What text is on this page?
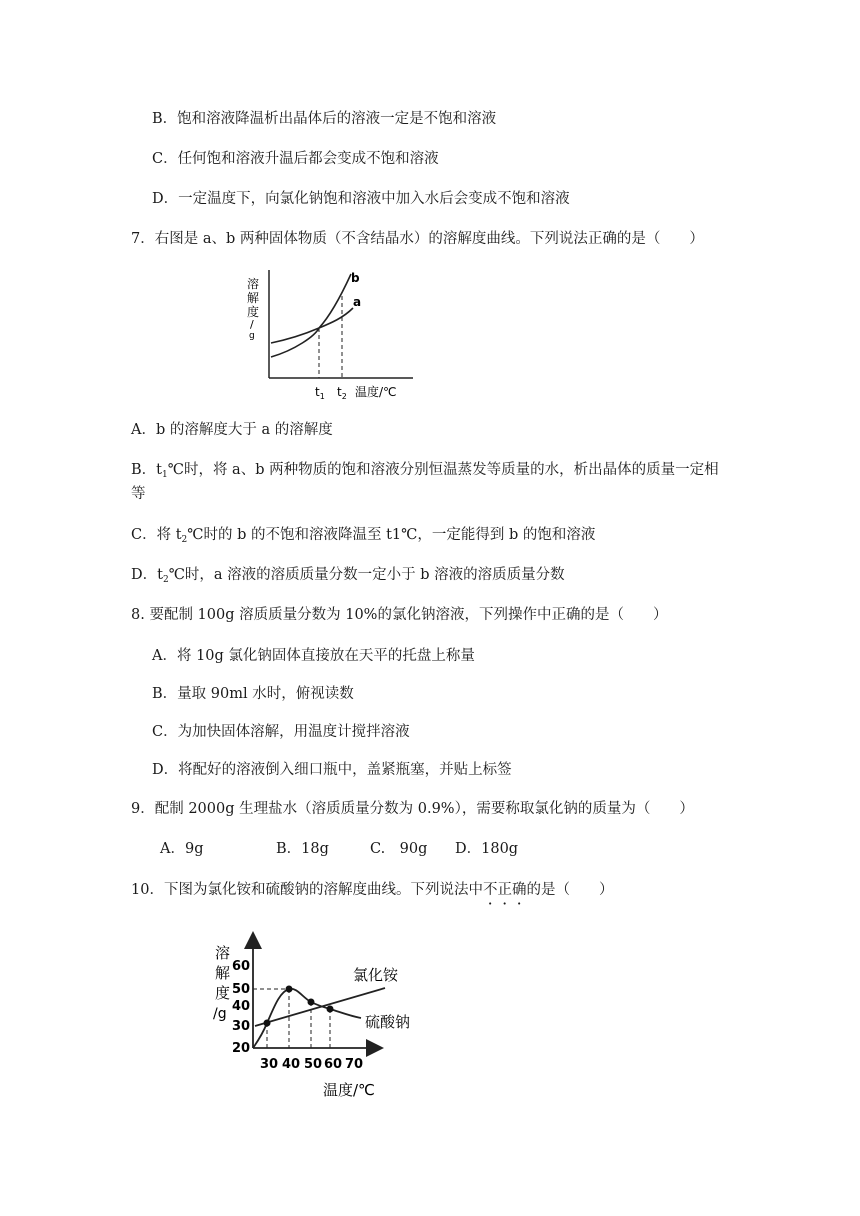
B．饱和溶液降温析出晶体后的溶液一定是不饱和溶液
C．任何饱和溶液升温后都会变成不饱和溶液
D．一定温度下，向氯化钠饱和溶液中加入水后会变成不饱和溶液
7．右图是 a、b 两种固体物质（不含结晶水）的溶解度曲线。下列说法正确的是（　　）
b
a
溶
解
度
/
g
$t_1$ $t_2$ 温度/℃
A．b 的溶解度大于 a 的溶解度
B．$t_1℃$时，将 a、b 两种物质的饱和溶液分别恒温蒸发等质量的水，析出晶体的质量一定相
等
C．将 $t_2℃$时的 b 的不饱和溶液降温至 t1℃，一定能得到 b 的饱和溶液
D．$t_2℃$时，a 溶液的溶质质量分数一定小于 b 溶液的溶质质量分数
8. 要配制 100g 溶质质量分数为 10%的氯化钠溶液，下列操作中正确的是（　　）
A．将 10g 氯化钠固体直接放在天平的托盘上称量
B．量取 90ml 水时，俯视读数
C．为加快固体溶解，用温度计搅拌溶液
D．将配好的溶液倒入细口瓶中，盖紧瓶塞，并贴上标签
9．配制 2000g 生理盐水（溶质质量分数为 0.9%），需要称取氯化钠的质量为（　　）
A．9g	B．18g	C.　90g D．180g
10．下图为氯化铵和硫酸钠的溶解度曲线。下列说法中不正确的是（　　）
溶
解
度
/g
60
50
40
30
20
30 40 50 60 70
氯化铵
硫酸钠
温度/℃
